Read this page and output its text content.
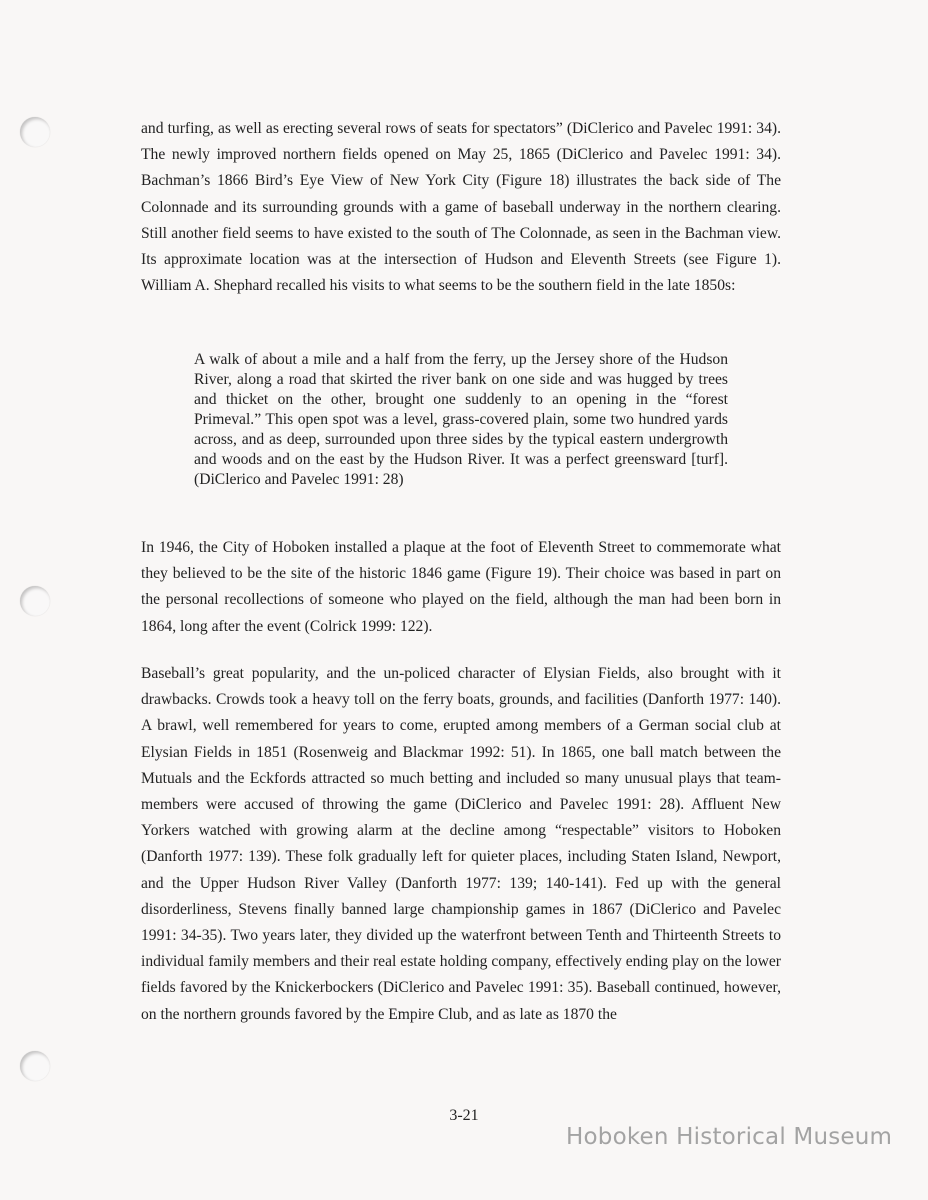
and turfing, as well as erecting several rows of seats for spectators” (DiClerico and Pavelec 1991: 34). The newly improved northern fields opened on May 25, 1865 (DiClerico and Pavelec 1991: 34). Bachman’s 1866 Bird’s Eye View of New York City (Figure 18) illustrates the back side of The Colonnade and its surrounding grounds with a game of baseball underway in the northern clearing. Still another field seems to have existed to the south of The Colonnade, as seen in the Bachman view. Its approximate location was at the intersection of Hudson and Eleventh Streets (see Figure 1). William A. Shephard recalled his visits to what seems to be the southern field in the late 1850s:

A walk of about a mile and a half from the ferry, up the Jersey shore of the Hudson River, along a road that skirted the river bank on one side and was hugged by trees and thicket on the other, brought one suddenly to an opening in the “forest Primeval.” This open spot was a level, grass-covered plain, some two hundred yards across, and as deep, surrounded upon three sides by the typical eastern undergrowth and woods and on the east by the Hudson River. It was a perfect greensward [turf]. (DiClerico and Pavelec 1991: 28)

In 1946, the City of Hoboken installed a plaque at the foot of Eleventh Street to commemorate what they believed to be the site of the historic 1846 game (Figure 19). Their choice was based in part on the personal recollections of someone who played on the field, although the man had been born in 1864, long after the event (Colrick 1999: 122).

Baseball’s great popularity, and the un-policed character of Elysian Fields, also brought with it drawbacks. Crowds took a heavy toll on the ferry boats, grounds, and facilities (Danforth 1977: 140). A brawl, well remembered for years to come, erupted among members of a German social club at Elysian Fields in 1851 (Rosenweig and Blackmar 1992: 51). In 1865, one ball match between the Mutuals and the Eckfords attracted so much betting and included so many unusual plays that team-members were accused of throwing the game (DiClerico and Pavelec 1991: 28). Affluent New Yorkers watched with growing alarm at the decline among “respectable” visitors to Hoboken (Danforth 1977: 139). These folk gradually left for quieter places, including Staten Island, Newport, and the Upper Hudson River Valley (Danforth 1977: 139; 140-141). Fed up with the general disorderliness, Stevens finally banned large championship games in 1867 (DiClerico and Pavelec 1991: 34-35). Two years later, they divided up the waterfront between Tenth and Thirteenth Streets to individual family members and their real estate holding company, effectively ending play on the lower fields favored by the Knickerbockers (DiClerico and Pavelec 1991: 35). Baseball continued, however, on the northern grounds favored by the Empire Club, and as late as 1870 the

3-21
Hoboken Historical Museum
